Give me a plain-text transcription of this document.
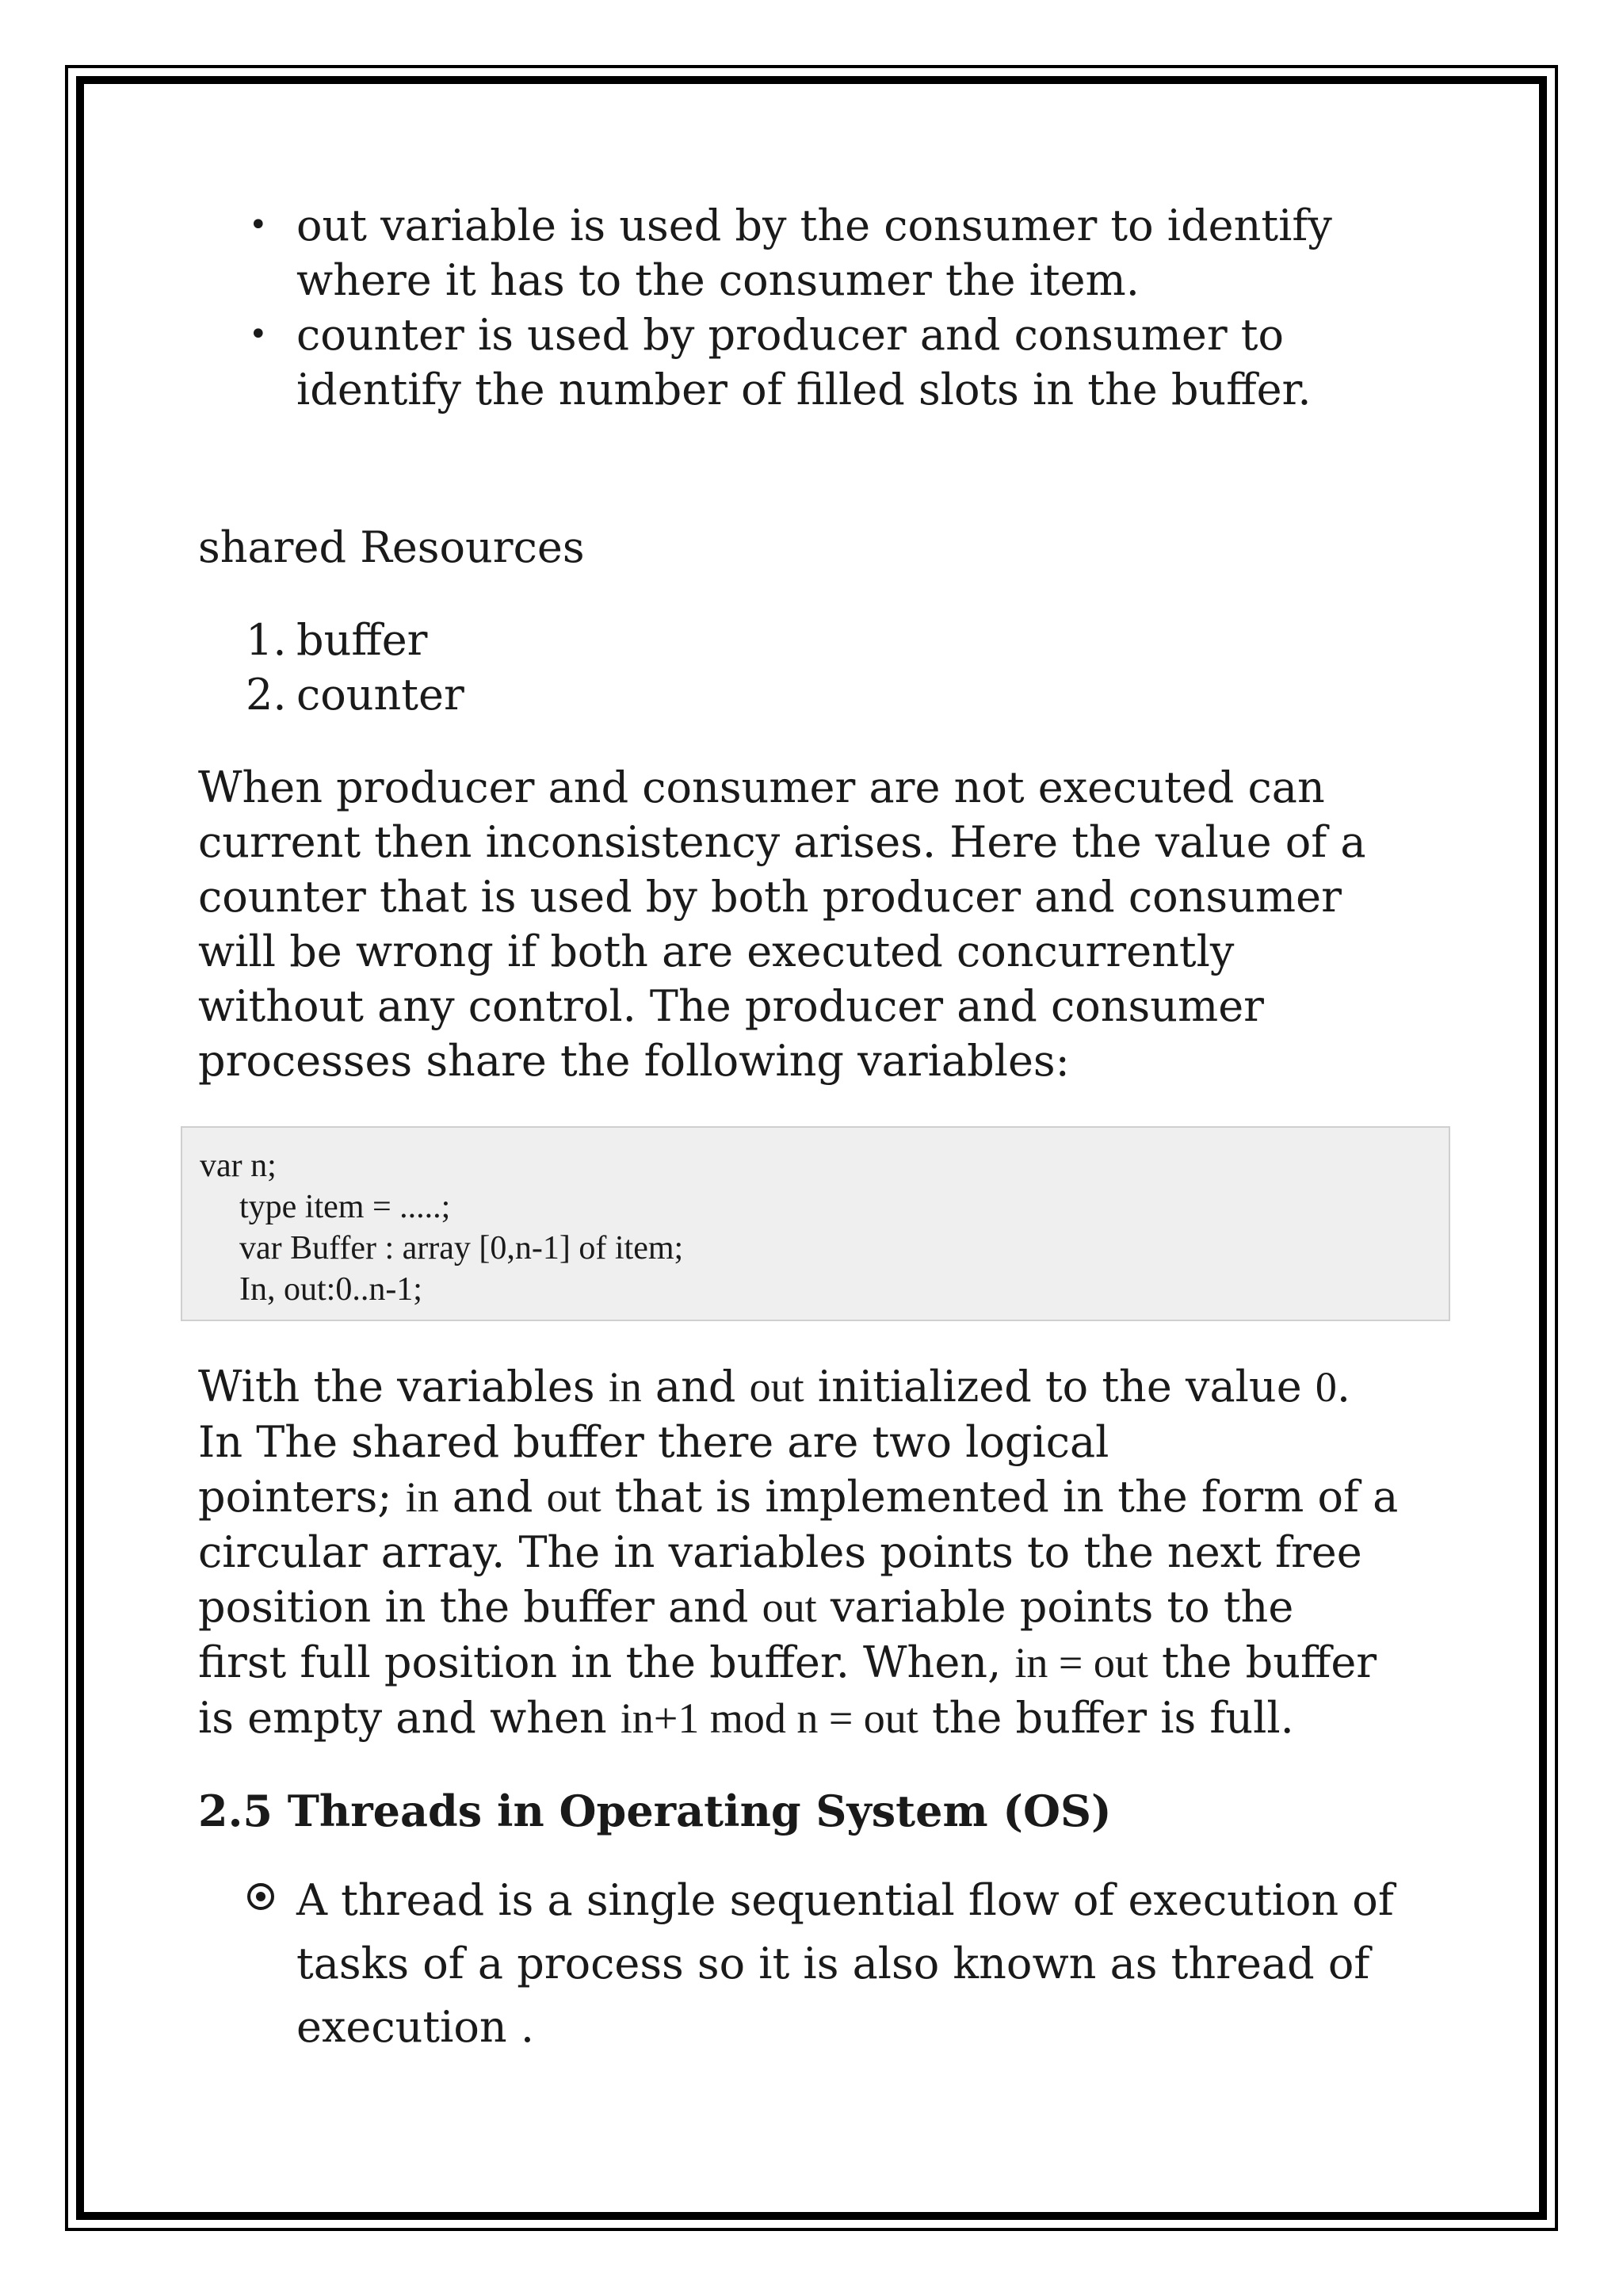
• out variable is used by the consumer to identify
where it has to the consumer the item.
• counter is used by producer and consumer to
identify the number of filled slots in the buffer.
shared Resources
1. buffer
2. counter

When producer and consumer are not executed can
current then inconsistency arises. Here the value of a
counter that is used by both producer and consumer
will be wrong if both are executed concurrently
without any control. The producer and consumer
processes share the following variables:

var n;
type item = .....;
var Buffer : array [0,n-1] of item;
In, out:0..n-1;

With the variables in and out initialized to the value 0.
In The shared buffer there are two logical
pointers; in and out that is implemented in the form of a
circular array. The in variables points to the next free
position in the buffer and out variable points to the
first full position in the buffer. When, in = out the buffer
is empty and when in+1 mod n = out the buffer is full.

2.5 Threads in Operating System (OS)
A thread is a single sequential flow of execution of
tasks of a process so it is also known as thread of
execution .
